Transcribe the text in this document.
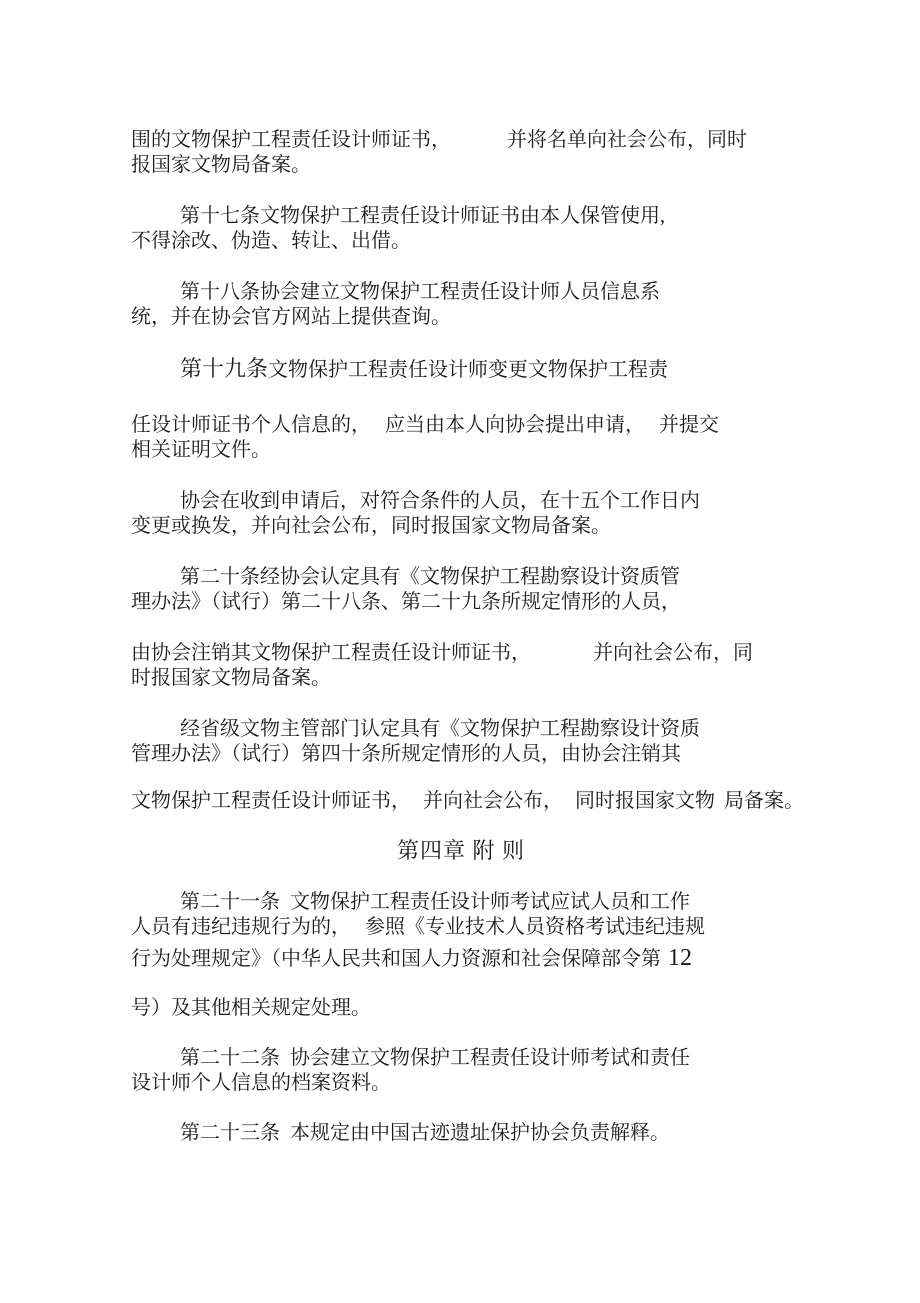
围的文物保护工程责任设计师证书，	并将名单向社会公布，同时
报国家文物局备案。
第十七条文物保护工程责任设计师证书由本人保管使用,
不得涂改、伪造、转让、出借。
第十八条协会建立文物保护工程责任设计师人员信息系
统，并在协会官方网站上提供查询。
第十九条文物保护工程责任设计师变更文物保护工程责
任设计师证书个人信息的， 应当由本人向协会提出申请， 并提交
相关证明文件。
协会在收到申请后，对符合条件的人员，在十五个工作日内
变更或换发，并向社会公布，同时报国家文物局备案。
第二十条经协会认定具有《文物保护工程勘察设计资质管
理办法》（试行）第二十八条、第二十九条所规定情形的人员，
由协会注销其文物保护工程责任设计师证书，	并向社会公布，同
时报国家文物局备案。
经省级文物主管部门认定具有《文物保护工程勘察设计资质
管理办法》（试行）第四十条所规定情形的人员，由协会注销其
文物保护工程责任设计师证书， 并向社会公布， 同时报国家文物 局备案。
第四章 附 则
第二十一条 文物保护工程责任设计师考试应试人员和工作
人员有违纪违规行为的， 参照《专业技术人员资格考试违纪违规
行为处理规定》（中华人民共和国人力资源和社会保障部令第 12
号）及其他相关规定处理。
第二十二条 协会建立文物保护工程责任设计师考试和责任
设计师个人信息的档案资料。
第二十三条 本规定由中国古迹遗址保护协会负责解释。
